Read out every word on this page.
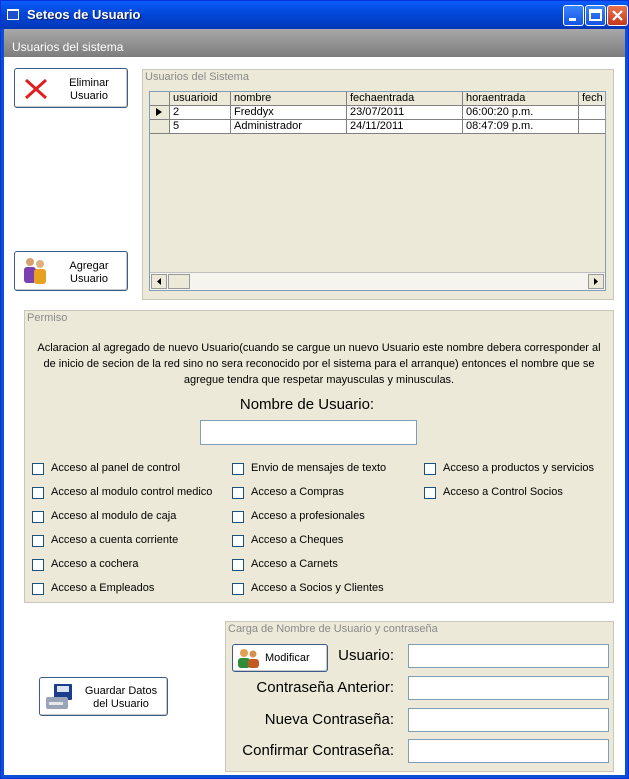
Seteos de Usuario
Usuarios del sistema
Eliminar
Usuario
Agregar
Usuario
Usuarios del Sistema
usuarioid	nombre	fechaentrada	horaentrada	fech
2	Freddyx	23/07/2011	06:00:20 p.m.
5	Administrador	24/11/2011	08:47:09 p.m.
Permiso
Aclaracion al agregado de nuevo Usuario(cuando se cargue un nuevo Usuario este nombre debera corresponder al de inicio de secion de la red sino no sera reconocido por el sistema para el arranque) entonces el nombre que se agregue tendra que respetar mayusculas y minusculas.
Nombre de Usuario:
Acceso al panel de control
Acceso al modulo control medico
Acceso al modulo de caja
Acceso a cuenta corriente
Acceso a cochera
Acceso a Empleados
Envio de mensajes de texto
Acceso a Compras
Acceso a profesionales
Acceso a Cheques
Acceso a Carnets
Acceso a Socios y Clientes
Acceso a productos y servicios
Acceso a Control Socios
Guardar Datos
del Usuario
Carga de Nombre de Usuario y contraseña
Modificar	Usuario:
Contraseña Anterior:
Nueva Contraseña:
Confirmar Contraseña:
